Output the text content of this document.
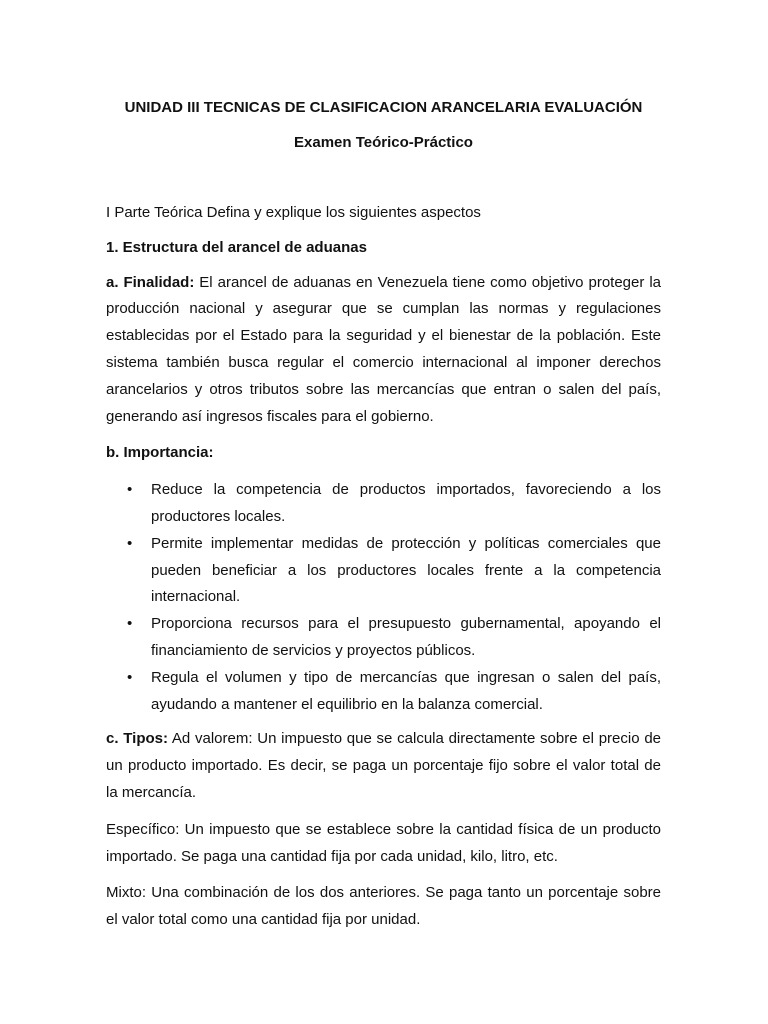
UNIDAD III TECNICAS DE CLASIFICACION ARANCELARIA EVALUACIÓN

Examen Teórico-Práctico

I Parte Teórica Defina y explique los siguientes aspectos

1. Estructura del arancel de aduanas

a. Finalidad: El arancel de aduanas en Venezuela tiene como objetivo proteger la producción nacional y asegurar que se cumplan las normas y regulaciones establecidas por el Estado para la seguridad y el bienestar de la población. Este sistema también busca regular el comercio internacional al imponer derechos arancelarios y otros tributos sobre las mercancías que entran o salen del país, generando así ingresos fiscales para el gobierno.

b. Importancia:

• Reduce la competencia de productos importados, favoreciendo a los productores locales.
• Permite implementar medidas de protección y políticas comerciales que pueden beneficiar a los productores locales frente a la competencia internacional.
• Proporciona recursos para el presupuesto gubernamental, apoyando el financiamiento de servicios y proyectos públicos.
• Regula el volumen y tipo de mercancías que ingresan o salen del país, ayudando a mantener el equilibrio en la balanza comercial.

c. Tipos: Ad valorem: Un impuesto que se calcula directamente sobre el precio de un producto importado. Es decir, se paga un porcentaje fijo sobre el valor total de la mercancía.

Específico: Un impuesto que se establece sobre la cantidad física de un producto importado. Se paga una cantidad fija por cada unidad, kilo, litro, etc.

Mixto: Una combinación de los dos anteriores. Se paga tanto un porcentaje sobre el valor total como una cantidad fija por unidad.
